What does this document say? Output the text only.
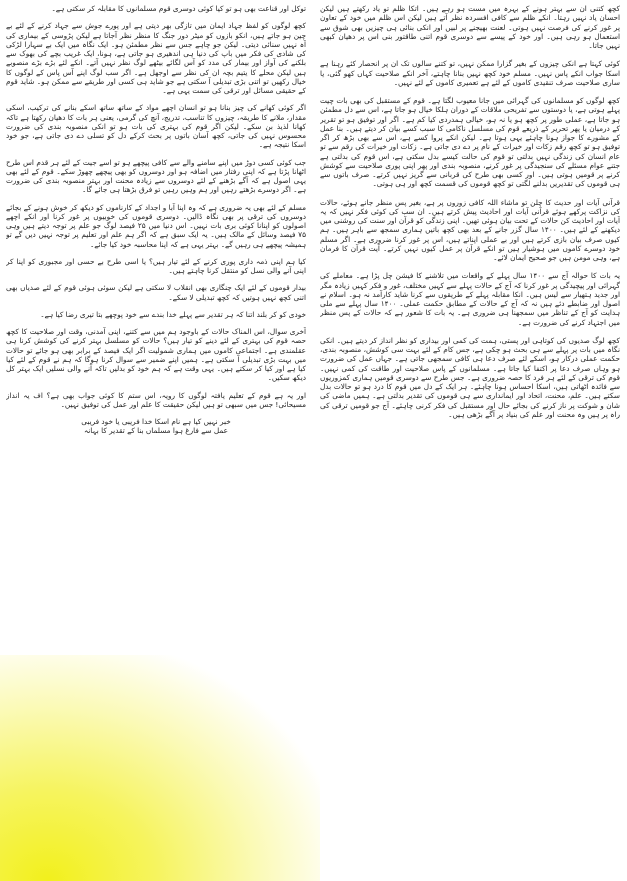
کچھ کتنی ان سے بہتر ہونے کے بہرہ میں مست ہو رہے ہیں۔ اتکا ظلم تو یاد رکھتے ہیں لیکن احسان یاد نہیں رہتا۔ انکے ظلم سے کافی افسردہ نظر آتے ہیں لیکن اس ظلم میں خود کے تعاون پر غور کرنے کی فرصت نہیں ہوتی۔ لعنت بھیجنے پر لبیں اور انکی بنائی ہی چیزیں بھی شوق سے استعمال ہو رہی ہیں۔ اور خود کے پیسے سے دوسری قوم اتنی طاقتور بنی اس پر دھیان کبھی نہیں جاتا۔

کوئی کہتا ہے انکی چیزوں کے بغیر گزارا ممکن نہیں، تو کتنے سالوں تک ان پر انحصار کئے رہنا ہے اسکا جواب انکے پاس نہیں۔ مسلم خود کچھ نہیں بنانا چاہتے، آخر انکے صلاحیت کہاں کھو گئی، یا ساری صلاحیت صرف تنقیدی کاموں کے لئے ہے تعمیری کاموں کے لئے نہیں۔

کچھ لوگوں کو مسلمانوں کی گہرائی میں جانا معیوب لگتا ہے۔ قوم کے مستقبل کی بھی بات چیت پہلے ہوتی ہے، یا دوستوں سے تفریحی ملاقات کے دوران ہلکا خیال ہو جاتا ہے، اس سے دل مطمئن ہو جاتا ہے، عملی طور پر کچھ ہو یا نہ ہو، خیالی ہمدردی کیا کم ہے۔ اگر اور توفیق ہو تو تقریر کے درمیان یا پھر تحریر کے ذریعے قوم کی مسلسل ناکامی کا سبب کسے بیان کر دیتے ہیں۔ بنا عمل کے مشورے کا جواز ہونا چاہئے یہی ہوتا ہے۔ لیکن انکے پروا کسے ہے، اس سے بھی بڑھ کر اگر توفیق ہو تو کچھ رقم زکات اور خیرات کے نام پر دے دی جاتی ہے۔ زکات اور خیرات کی رقم سے تو عام انسان کی زندگی نہیں بدلتی تو قوم کی حالت کیسے بدل سکتی ہے، اس قوم کی بدلتی ہے جتنے عوام مسئلے کی سنجیدگی پر غور کرنے، منصوبہ بندی اور پھر اپنی پوری صلاحیت سے کوشش کرنے پر قومیں ہوتی ہیں۔ اور کسی بھی طرح کی قربانی سے گریز نہیں کرتے۔ صرف باتوں سے ہی قوموں کی تقدیریں بدلنے لگتی تو کچھ قوموں کی قسمت کچھ اور ہی ہوتی۔

قرآنی آیات اور حدیث کا چلن تو ماشاء اللہ کافی زوروں پر ہے، بغیر پس منظر جانے ہوئے، حالات کی نزاکت پرکھے ہوئے قرآنی آیات اور احادیث پیش کرتے ہیں۔ ان سب کی کوئی فکر نہیں کہ یہ آیات اور احادیث کن حالات کے تحت بیان ہوئی تھیں۔ اپنی زندگی کو قرآن اور سنت کی روشنی میں دیکھنے کے لئے ہیں۔ ۱۴۰۰ سال گزر جانے کے بعد بھی کچھ باتیں ہماری سمجھ سے باہر ہیں۔ ہم کیوں صرف بیان بازی کرتے ہیں اور بے عملی اپناتے ہیں، اس پر غور کرنا ضروری ہے۔ اگر مسلم خود دوسرے کاموں میں ہوشیار ہیں تو انکے قرآن پر عمل کیوں نہیں کرتے۔ آیت قرآن کا فرمان ہے، وہی مومن ہیں جو صحیح ایمان لائے۔

یہ بات کا حوالہ آج سے ۱۴۰۰ سال پہلے کے واقعات میں تلاشنے کا فیشن چل پڑا ہے۔ معاملے کی گہرائی اور پیچیدگی پر غور کرنا کہ آج کے حالات پہلے سے کہیں مختلف، غور و فکر کہیں زیادہ مگر اور جدید ہتھیار سے لیس ہیں۔ انکا مقابلہ پہلے کے طریقوں سے کرنا شاید کارآمد نہ ہو۔ اسلام نے اصول اور ضابطے دئے ہیں نہ کہ آج کے حالات کے مطابق حکمت عملی۔ ۱۴۰۰ سال پہلے سے ملی ہدایت کو آج کے تناظر میں سمجھنا ہی ضروری ہے۔ یہ بات کا شعور ہے کہ حالات کے پس منظر میں اجتہاد کرنے کی ضرورت ہے۔

کچھ لوگ صدیوں کی کوتاہی اور پستی، ہمت کی کمی اور بیداری کو نظر انداز کر دیتے ہیں۔ انکی نگاہ میں بات پر پہلے سے ہی بحث ہو چکی ہے، جس کام کے لئے بہت سی کوشش، منصوبہ بندی، حکمت عملی درکار ہو، اسکے لئے صرف دعا ہی کافی سمجھی جاتی ہے۔ جہاں عمل کی ضرورت ہو وہاں صرف دعا پر اکتفا کیا جاتا ہے۔ مسلمانوں کے پاس صلاحیت اور طاقت کی کمی نہیں۔ قوم کی ترقی کے لئے ہر فرد کا حصہ ضروری ہے۔ جس طرح سے دوسری قومیں ہماری کمزوریوں سے فائدہ اٹھاتی ہیں، اسکا احساس ہونا چاہئے۔ ہر ایک کے دل میں قوم کا درد ہو تو حالات بدل سکتے ہیں۔ علم، محنت، اتحاد اور ایمانداری سے ہی قوموں کی تقدیر بدلتی ہے۔ ہمیں ماضی کی شان و شوکت پر ناز کرنے کی بجائے حال اور مستقبل کی فکر کرنی چاہئے۔ آج جو قومیں ترقی کی راہ پر ہیں وہ محنت اور علم کی بنیاد پر آگے بڑھی ہیں۔

توکل اور قناعت بھی ہو تو کیا کوئی دوسری قوم مسلمانوں کا مقابلہ کر سکتی ہے۔

کچھ لوگوں کو لفظ جہاد ایمان میں تازگی بھر دیتی ہے اور پورے جوش سے جہاد کرنے کے لئے بے چین ہو جاتے ہیں، انکو بازوں کو میٹر دور جنگ کا منظر نظر آجاتا ہے لیکن پڑوسی کے بیماری کی آہ نہیں سنائی دیتی۔ لیکن جو چاہے جس سے نظر مطمئن ہو۔ ایک نگاہ میں ایک بے سہارا لڑکی کی شادی کی فکر میں باپ کی دنیا ہی اندھیری ہو جاتی ہے، ہونا، ایک غریب بچے کی بھوک سے بلکنے کی آواز اور بیمار کی مدد کو آس لگائے بیٹھے لوگ نظر نہیں آتے۔ انکے لئے بڑے بڑے منصوبے ہیں لیکن محلے کا یتیم بچہ ان کی نظر سے اوجھل ہے۔ اگر سب لوگ اپنے آس پاس کے لوگوں کا خیال رکھیں تو اتنی بڑی تبدیلی آ سکتی ہے جو شاید ہی کسی اور طریقے سے ممکن ہو۔ شاید قوم کے حقیقی مسائل اور ترقی کی سمت یہی ہے۔

اگر کوئی کھانے کی چیز بنانا ہو تو انسان اچھے مواد کے ساتھ ساتھ اسکے بنانے کی ترکیب، اسکی مقدار، ملانے کا طریقہ، چیزوں کا تناسب، تدریج، آنچ کی گرمی، یعنی ہر بات کا دھیان رکھتا ہے تاکہ کھانا لذیذ بن سکے۔ لیکن اگر قوم کی بہتری کی بات ہو تو انکی منصوبہ بندی کی ضرورت محسوس نہیں کی جاتی، کچھ آسان باتوں پر بحث کرکے دل کو تسلی دے دی جاتی ہے، جو خود اسکا نتیجہ ہے۔

جب کوئی کسی دوڑ میں اپنے سامنے والے سے کافی پیچھے ہو تو اسے جیت کے لئے ہر قدم اس طرح اٹھانا پڑتا ہے کہ اپنی رفتار میں اضافہ ہو اور دوسروں کو بھی پیچھے چھوڑ سکے۔ قوم کے لئے بھی یہی اصول ہے کہ آگے بڑھنے کے لئے دوسروں سے زیادہ محنت اور بہتر منصوبہ بندی کی ضرورت ہے۔ اگر دوسرے بڑھتے رہیں اور ہم وہیں رہیں تو فرق بڑھتا ہی جائے گا۔

مسلم کے لئے بھی یہ ضروری ہے کہ وہ اپنا آبا و اجداد کے کارناموں کو دیکھ کر خوش ہونے کے بجائے دوسروں کی ترقی پر بھی نگاہ ڈالیں۔ دوسری قوموں کی خوبیوں پر غور کرنا اور انکے اچھے اصولوں کو اپنانا کوئی بری بات نہیں۔ اس دنیا میں ۲۵ فیصد لوگ جو علم پر توجہ دیتے ہیں وہی ۷۵ فیصد وسائل کے مالک ہیں۔ یہ ایک سبق ہے کہ اگر ہم علم اور تعلیم پر توجہ نہیں دیں گے تو ہمیشہ پیچھے ہی رہیں گے۔ بہتر یہی ہے کہ اپنا محاسبہ خود کیا جائے۔

کیا ہم اپنی ذمہ داری پوری کرنے کے لئے تیار ہیں؟ یا اسی طرح بے حسی اور مجبوری کو اپنا کر اپنی آنے والی نسل کو منتقل کرنا چاہتے ہیں۔

بیدار قوموں کے لئے ایک چنگاری بھی انقلاب لا سکتی ہے لیکن سوئی ہوئی قوم کے لئے صدیاں بھی اتنی کچھ نہیں ہوتیں کہ کچھ تبدیلی لا سکے۔

خودی کو کر بلند اتنا کہ ہر تقدیر سے پہلے خدا بندے سے خود پوچھے بتا تیری رضا کیا ہے۔

آخری سوال، اس المناک حالات کے باوجود ہم میں سے کتنے، اپنی آمدنی، وقت اور صلاحیت کا کچھ حصہ قوم کی بہتری کے لئے دینے کو تیار ہیں؟ حالات کو مسلسل بہتر کرنے کی کوشش کرنا ہی عقلمندی ہے۔ اجتماعی کاموں میں ہماری شمولیت اگر ایک فیصد کے برابر بھی ہو جائے تو حالات میں بہت بڑی تبدیلی آ سکتی ہے۔ ہمیں اپنے ضمیر سے سوال کرنا ہوگا کہ ہم نے قوم کے لئے کیا کیا ہے اور کیا کر سکتے ہیں۔ یہی وقت ہے کہ ہم خود کو بدلیں تاکہ آنے والی نسلیں ایک بہتر کل دیکھ سکیں۔

اور یہ ہے قوم کے تعلیم یافتہ لوگوں کا رویہ، اس ستم کا کوئی جواب بھی ہے؟ اف یہ انداز مسیحائی! جس میں سبھی تو ہیں لیکن حقیقت کا علم اور عمل کی توفیق نہیں۔

خبر نہیں کیا ہے نام اسکا خدا فریبی یا خود فریبی
عمل سے فارغ ہوا مسلماں بنا کے تقدیر کا بہانہ
